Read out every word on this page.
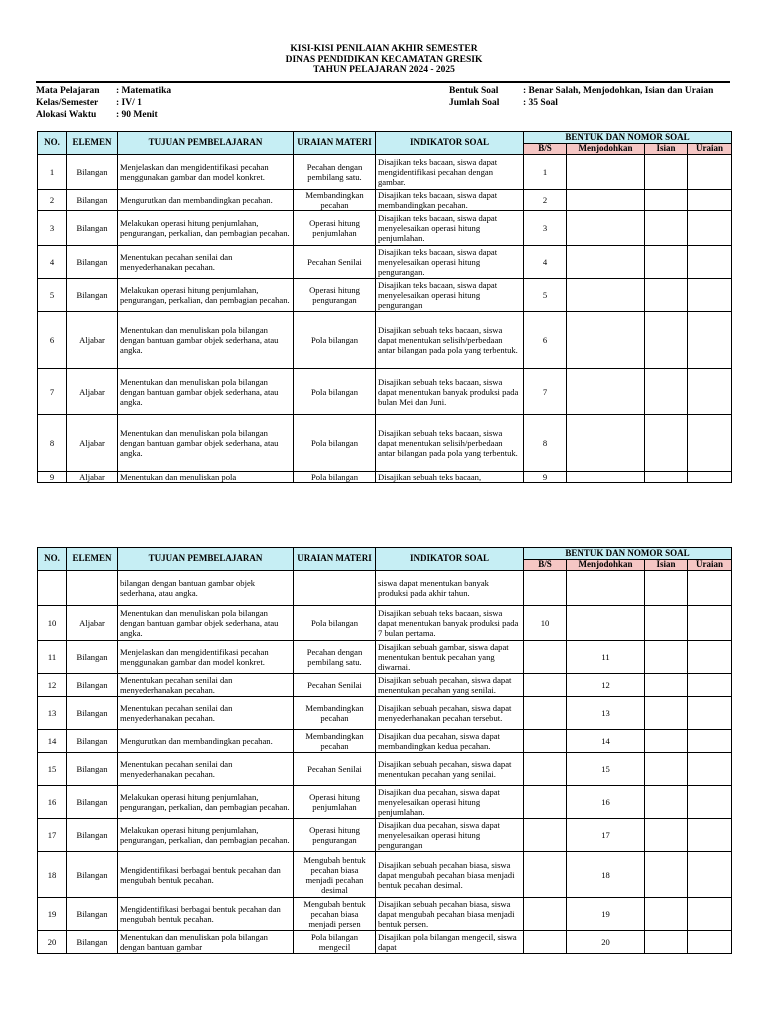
KISI-KISI PENILAIAN AKHIR SEMESTER
DINAS PENDIDIKAN KECAMATAN GRESIK
TAHUN PELAJARAN 2024 - 2025
Mata Pelajaran : Matematika
Kelas/Semester : IV/ 1
Alokasi Waktu : 90 Menit
Bentuk Soal	: Benar Salah, Menjodohkan, Isian dan Uraian
Jumlah Soal : 35 Soal
NO.	ELEMEN	TUJUAN PEMBELAJARAN	URAIAN MATERI	INDIKATOR SOAL	BENTUK DAN NOMOR SOAL			
					B/S	Menjodohkan	Isian	Uraian
1	Bilangan	Menjelaskan dan mengidentifikasi pecahan menggunakan gambar dan model konkret.	Pecahan dengan pembilang satu.	Disajikan teks bacaan, siswa dapat mengidentifikasi pecahan dengan gambar.	1			
2	Bilangan	Mengurutkan dan membandingkan pecahan.	Membandingkan pecahan	Disajikan teks bacaan, siswa dapat membandingkan pecahan.	2			
3	Bilangan	Melakukan operasi hitung penjumlahan, pengurangan, perkalian, dan pembagian pecahan.	Operasi hitung penjumlahan	Disajikan teks bacaan, siswa dapat menyelesaikan operasi hitung penjumlahan.	3			
4	Bilangan	Menentukan pecahan senilai dan menyederhanakan pecahan.	Pecahan Senilai	Disajikan teks bacaan, siswa dapat menyelesaikan operasi hitung pengurangan.	4			
5	Bilangan	Melakukan operasi hitung penjumlahan, pengurangan, perkalian, dan pembagian pecahan.	Operasi hitung pengurangan	Disajikan teks bacaan, siswa dapat menyelesaikan operasi hitung pengurangan	5			
6	Aljabar	Menentukan dan menuliskan pola bilangan dengan bantuan gambar objek sederhana, atau angka.	Pola bilangan	Disajikan sebuah teks bacaan, siswa dapat menentukan selisih/perbedaan antar bilangan pada pola yang terbentuk.	6			
7	Aljabar	Menentukan dan menuliskan pola bilangan dengan bantuan gambar objek sederhana, atau angka.	Pola bilangan	Disajikan sebuah teks bacaan, siswa dapat menentukan banyak produksi pada bulan Mei dan Juni.	7			
8	Aljabar	Menentukan dan menuliskan pola bilangan dengan bantuan gambar objek sederhana, atau angka.	Pola bilangan	Disajikan sebuah teks bacaan, siswa dapat menentukan selisih/perbedaan antar bilangan pada pola yang terbentuk.	8			
9	Aljabar	Menentukan dan menuliskan pola	Pola bilangan	Disajikan sebuah teks bacaan,	9			
NO.	ELEMEN	TUJUAN PEMBELAJARAN	URAIAN MATERI	INDIKATOR SOAL	BENTUK DAN NOMOR SOAL			
					B/S	Menjodohkan	Isian	Uraian
		bilangan dengan bantuan gambar objek sederhana, atau angka.		siswa dapat menentukan banyak produksi pada akhir tahun.				
10	Aljabar	Menentukan dan menuliskan pola bilangan dengan bantuan gambar objek sederhana, atau angka.	Pola bilangan	Disajikan sebuah teks bacaan, siswa dapat menentukan banyak produksi pada 7 bulan pertama.	10			
11	Bilangan	Menjelaskan dan mengidentifikasi pecahan menggunakan gambar dan model konkret.	Pecahan dengan pembilang satu.	Disajikan sebuah gambar, siswa dapat menentukan bentuk pecahan yang diwarnai.		11		
12	Bilangan	Menentukan pecahan senilai dan menyederhanakan pecahan.	Pecahan Senilai	Disajikan sebuah pecahan, siswa dapat menentukan pecahan yang senilai.		12		
13	Bilangan	Menentukan pecahan senilai dan menyederhanakan pecahan.	Membandingkan pecahan	Disajikan sebuah pecahan, siswa dapat menyederhanakan pecahan tersebut.		13		
14	Bilangan	Mengurutkan dan membandingkan pecahan.	Membandingkan pecahan	Disajikan dua pecahan, siswa dapat membandingkan kedua pecahan.		14		
15	Bilangan	Menentukan pecahan senilai dan menyederhanakan pecahan.	Pecahan Senilai	Disajikan sebuah pecahan, siswa dapat menentukan pecahan yang senilai.		15		
16	Bilangan	Melakukan operasi hitung penjumlahan, pengurangan, perkalian, dan pembagian pecahan.	Operasi hitung penjumlahan	Disajikan dua pecahan, siswa dapat menyelesaikan operasi hitung penjumlahan.		16		
17	Bilangan	Melakukan operasi hitung penjumlahan, pengurangan, perkalian, dan pembagian pecahan.	Operasi hitung pengurangan	Disajikan dua pecahan, siswa dapat menyelesaikan operasi hitung pengurangan		17		
18	Bilangan	Mengidentifikasi berbagai bentuk pecahan dan mengubah bentuk pecahan.	Mengubah bentuk pecahan biasa menjadi pecahan desimal	Disajikan sebuah pecahan biasa, siswa dapat mengubah pecahan biasa menjadi bentuk pecahan desimal.		18		
19	Bilangan	Mengidentifikasi berbagai bentuk pecahan dan mengubah bentuk pecahan.	Mengubah bentuk pecahan biasa menjadi persen	Disajikan sebuah pecahan biasa, siswa dapat mengubah pecahan biasa menjadi bentuk persen.		19		
20	Bilangan	Menentukan dan menuliskan pola bilangan dengan bantuan gambar	Pola bilangan mengecil	Disajikan pola bilangan mengecil, siswa dapat		20		
